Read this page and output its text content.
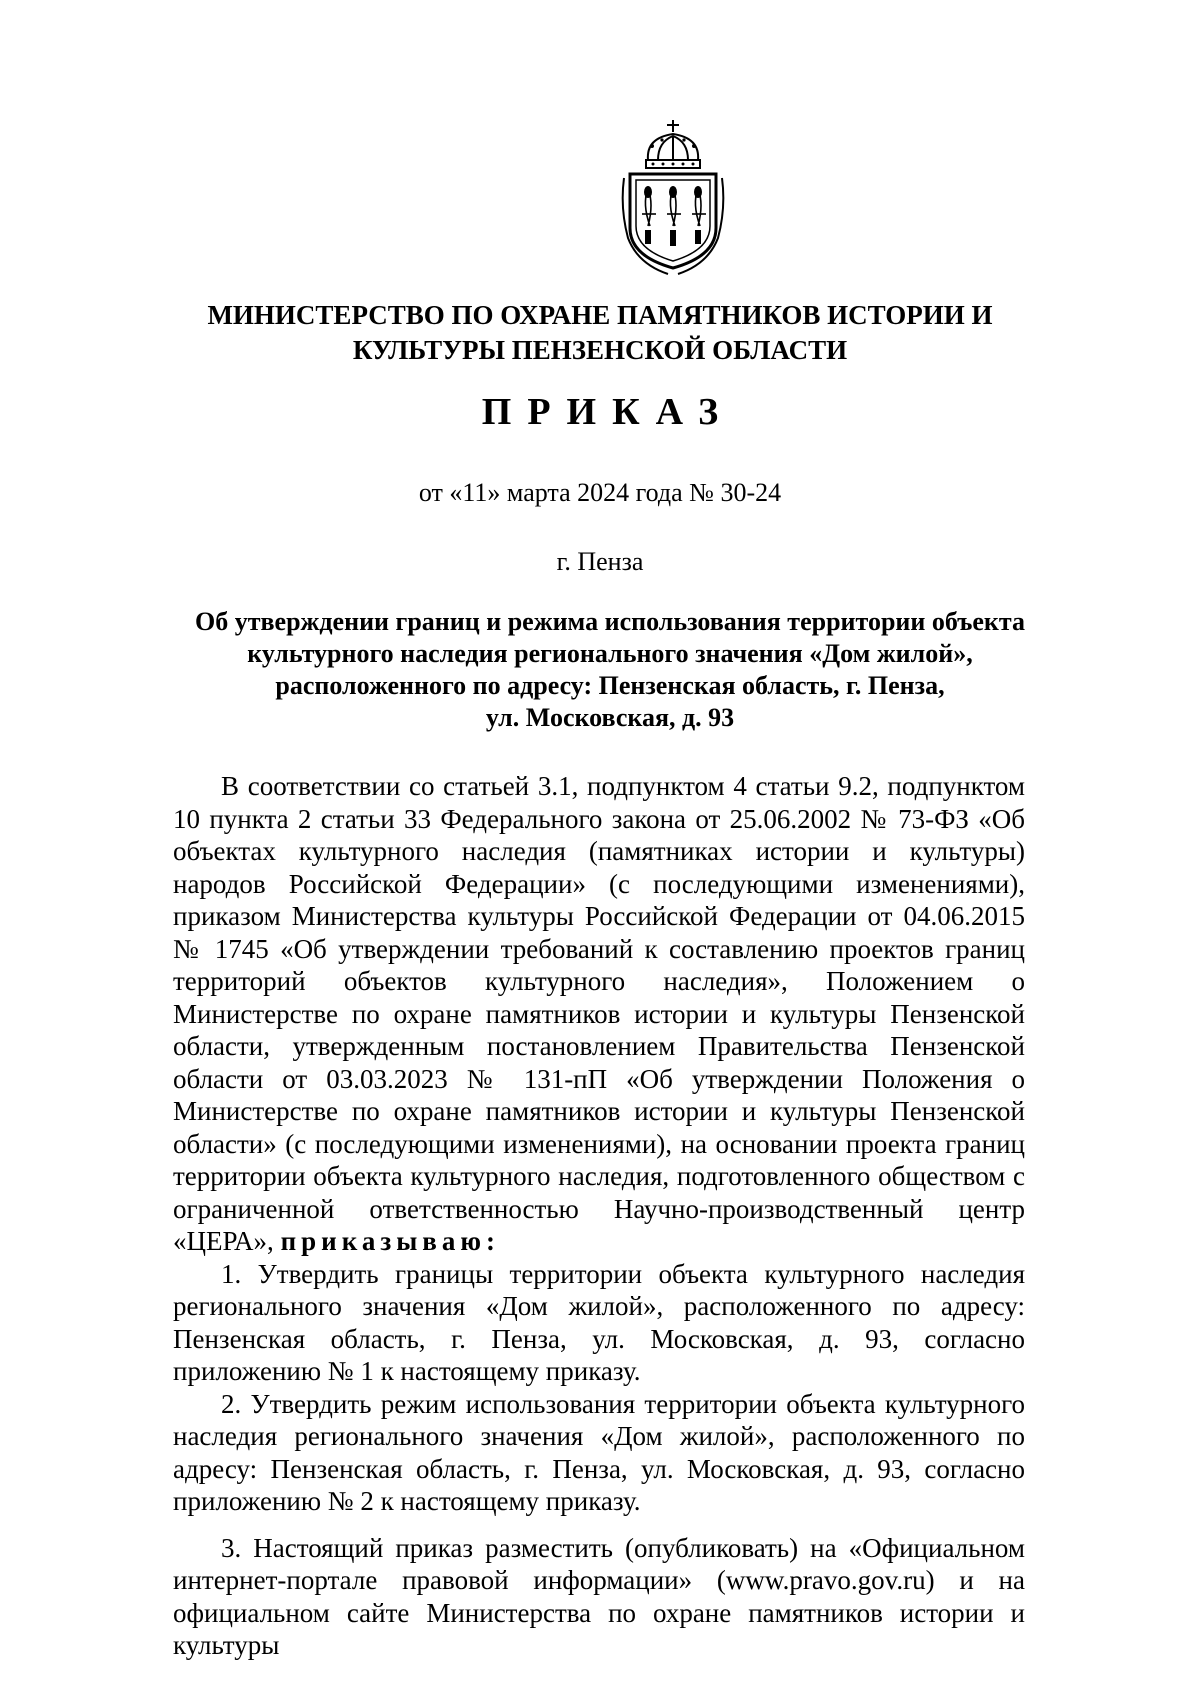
МИНИСТЕРСТВО ПО ОХРАНЕ ПАМЯТНИКОВ ИСТОРИИ И
КУЛЬТУРЫ ПЕНЗЕНСКОЙ ОБЛАСТИ
ПРИКАЗ
от «11» марта 2024 года № 30-24
г. Пенза
Об утверждении границ и режима использования территории объекта
культурного наследия регионального значения «Дом жилой»,
расположенного по адресу: Пензенская область, г. Пенза,
ул. Московская, д. 93

В соответствии со статьей 3.1, подпунктом 4 статьи 9.2, подпунктом 10 пункта 2 статьи 33 Федерального закона от 25.06.2002 № 73-ФЗ «Об объектах культурного наследия (памятниках истории и культуры) народов Российской Федерации» (с последующими изменениями), приказом Министерства культуры Российской Федерации от 04.06.2015 № 1745 «Об утверждении требований к составлению проектов границ территорий объектов культурного наследия», Положением о Министерстве по охране памятников истории и культуры Пензенской области, утвержденным постановлением Правительства Пензенской области от 03.03.2023 № 131-пП «Об утверждении Положения о Министерстве по охране памятников истории и культуры Пензенской области» (с последующими изменениями), на основании проекта границ территории объекта культурного наследия, подготовленного обществом с ограниченной ответственностью Научно-производственный центр «ЦЕРА», приказываю:

1. Утвердить границы территории объекта культурного наследия регионального значения «Дом жилой», расположенного по адресу: Пензенская область, г. Пенза, ул. Московская, д. 93, согласно приложению № 1 к настоящему приказу.

2. Утвердить режим использования территории объекта культурного наследия регионального значения «Дом жилой», расположенного по адресу: Пензенская область, г. Пенза, ул. Московская, д. 93, согласно приложению № 2 к настоящему приказу.

3. Настоящий приказ разместить (опубликовать) на «Официальном интернет-портале правовой информации» (www.pravo.gov.ru) и на официальном сайте Министерства по охране памятников истории и культуры
